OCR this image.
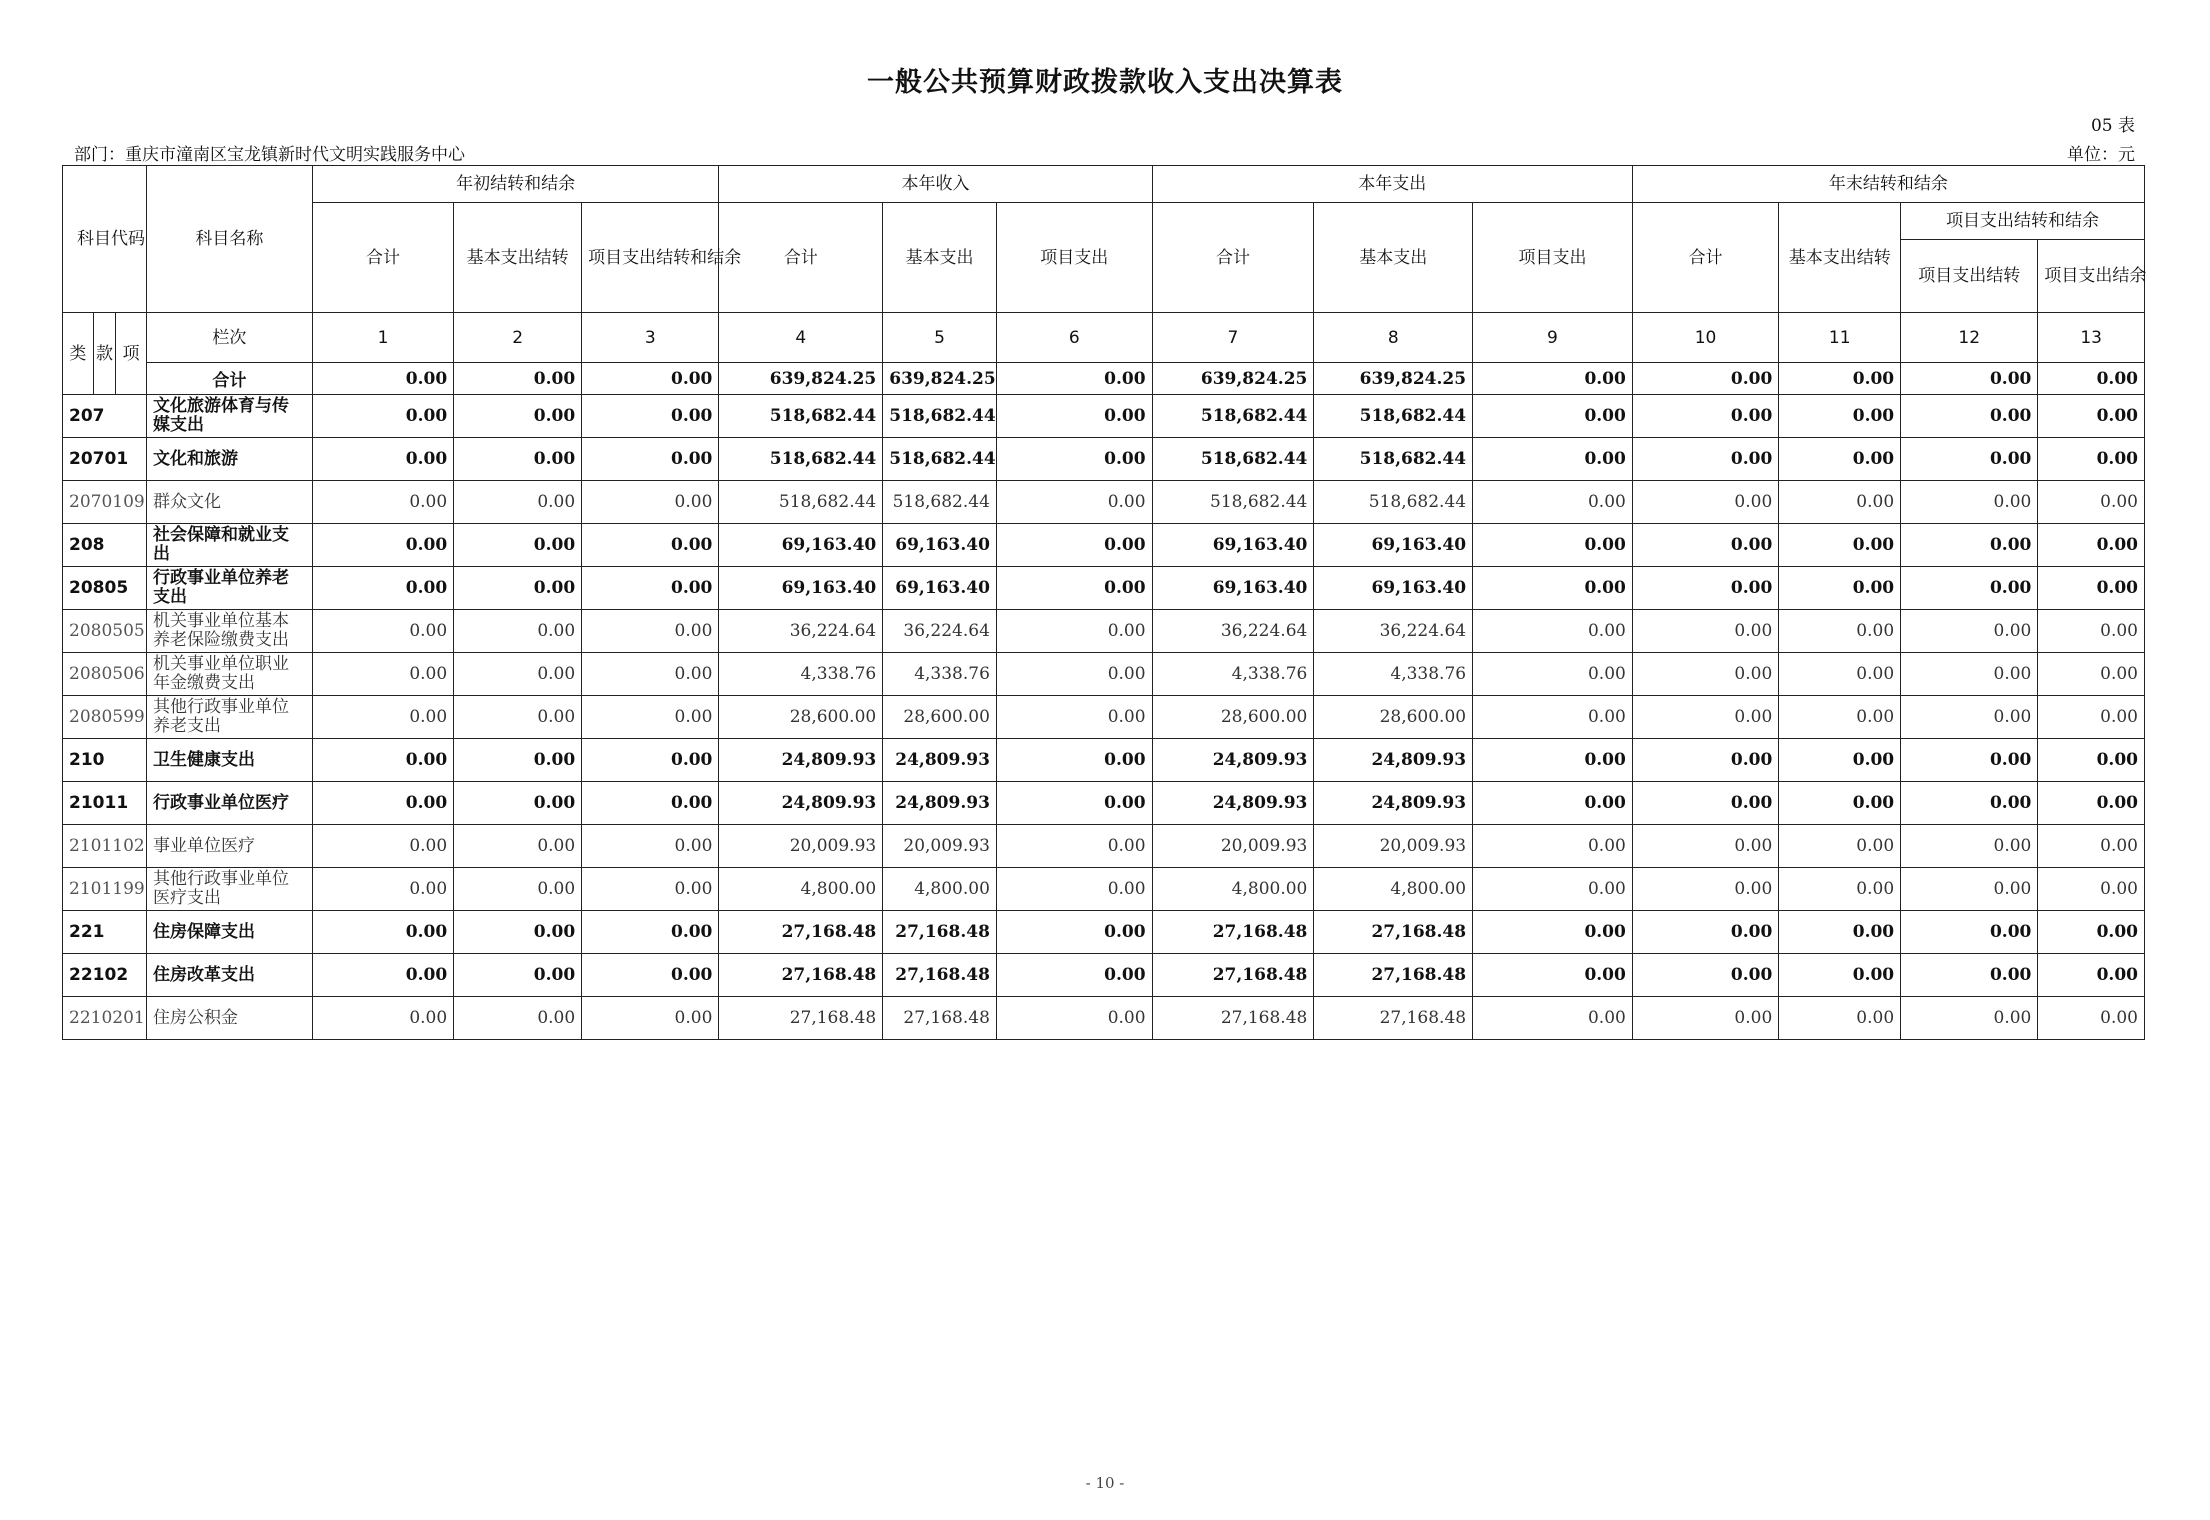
一般公共预算财政拨款收入支出决算表
05 表
部门：重庆市潼南区宝龙镇新时代文明实践服务中心	单位：元
科目代码			科目名称	年初结转和结余			本年收入			本年支出			年末结转和结余			
				合计	基本支出结转	项目支出结转和结余	合计	基本支出	项目支出	合计	基本支出	项目支出	合计	基本支出结转	项目支出结转和结余	
															项目支出结转	项目支出结余
类	款	项	栏次	1	2	3	4	5	6	7	8	9	10	11	12	13
			合计	0.00	0.00	0.00	639,824.25	639,824.25	0.00	639,824.25	639,824.25	0.00	0.00	0.00	0.00	0.00
207			文化旅游体育与传媒支出	0.00	0.00	0.00	518,682.44	518,682.44	0.00	518,682.44	518,682.44	0.00	0.00	0.00	0.00	0.00
20701			文化和旅游	0.00	0.00	0.00	518,682.44	518,682.44	0.00	518,682.44	518,682.44	0.00	0.00	0.00	0.00	0.00
2070109			群众文化	0.00	0.00	0.00	518,682.44	518,682.44	0.00	518,682.44	518,682.44	0.00	0.00	0.00	0.00	0.00
208			社会保障和就业支出	0.00	0.00	0.00	69,163.40	69,163.40	0.00	69,163.40	69,163.40	0.00	0.00	0.00	0.00	0.00
20805			行政事业单位养老支出	0.00	0.00	0.00	69,163.40	69,163.40	0.00	69,163.40	69,163.40	0.00	0.00	0.00	0.00	0.00
2080505			机关事业单位基本养老保险缴费支出	0.00	0.00	0.00	36,224.64	36,224.64	0.00	36,224.64	36,224.64	0.00	0.00	0.00	0.00	0.00
2080506			机关事业单位职业年金缴费支出	0.00	0.00	0.00	4,338.76	4,338.76	0.00	4,338.76	4,338.76	0.00	0.00	0.00	0.00	0.00
2080599			其他行政事业单位养老支出	0.00	0.00	0.00	28,600.00	28,600.00	0.00	28,600.00	28,600.00	0.00	0.00	0.00	0.00	0.00
210			卫生健康支出	0.00	0.00	0.00	24,809.93	24,809.93	0.00	24,809.93	24,809.93	0.00	0.00	0.00	0.00	0.00
21011			行政事业单位医疗	0.00	0.00	0.00	24,809.93	24,809.93	0.00	24,809.93	24,809.93	0.00	0.00	0.00	0.00	0.00
2101102			事业单位医疗	0.00	0.00	0.00	20,009.93	20,009.93	0.00	20,009.93	20,009.93	0.00	0.00	0.00	0.00	0.00
2101199			其他行政事业单位医疗支出	0.00	0.00	0.00	4,800.00	4,800.00	0.00	4,800.00	4,800.00	0.00	0.00	0.00	0.00	0.00
221			住房保障支出	0.00	0.00	0.00	27,168.48	27,168.48	0.00	27,168.48	27,168.48	0.00	0.00	0.00	0.00	0.00
22102			住房改革支出	0.00	0.00	0.00	27,168.48	27,168.48	0.00	27,168.48	27,168.48	0.00	0.00	0.00	0.00	0.00
2210201			住房公积金	0.00	0.00	0.00	27,168.48	27,168.48	0.00	27,168.48	27,168.48	0.00	0.00	0.00	0.00	0.00
- 10 -
